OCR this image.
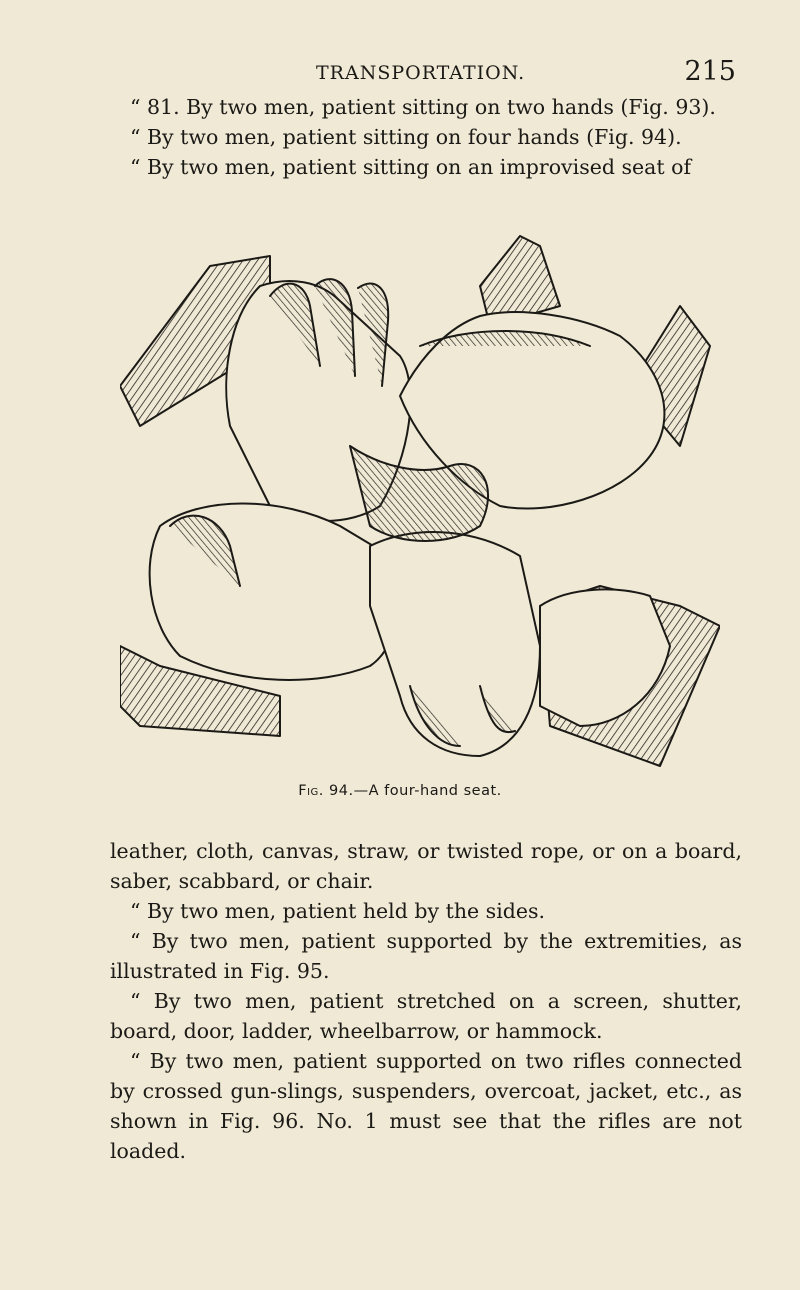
TRANSPORTATION.	215

“ 81. By two men, patient sitting on two hands (Fig. 93).

“ By two men, patient sitting on four hands (Fig. 94).

“ By two men, patient sitting on an improvised seat of

Fig. 94.—A four-hand seat.

leather, cloth, canvas, straw, or twisted rope, or on a board, saber, scabbard, or chair.

“ By two men, patient held by the sides.

“ By two men, patient supported by the extremities, as illustrated in Fig. 95.

“ By two men, patient stretched on a screen, shutter, board, door, ladder, wheelbarrow, or hammock.

“ By two men, patient supported on two rifles connected by crossed gun-slings, suspenders, overcoat, jacket, etc., as shown in Fig. 96. No. 1 must see that the rifles are not loaded.
